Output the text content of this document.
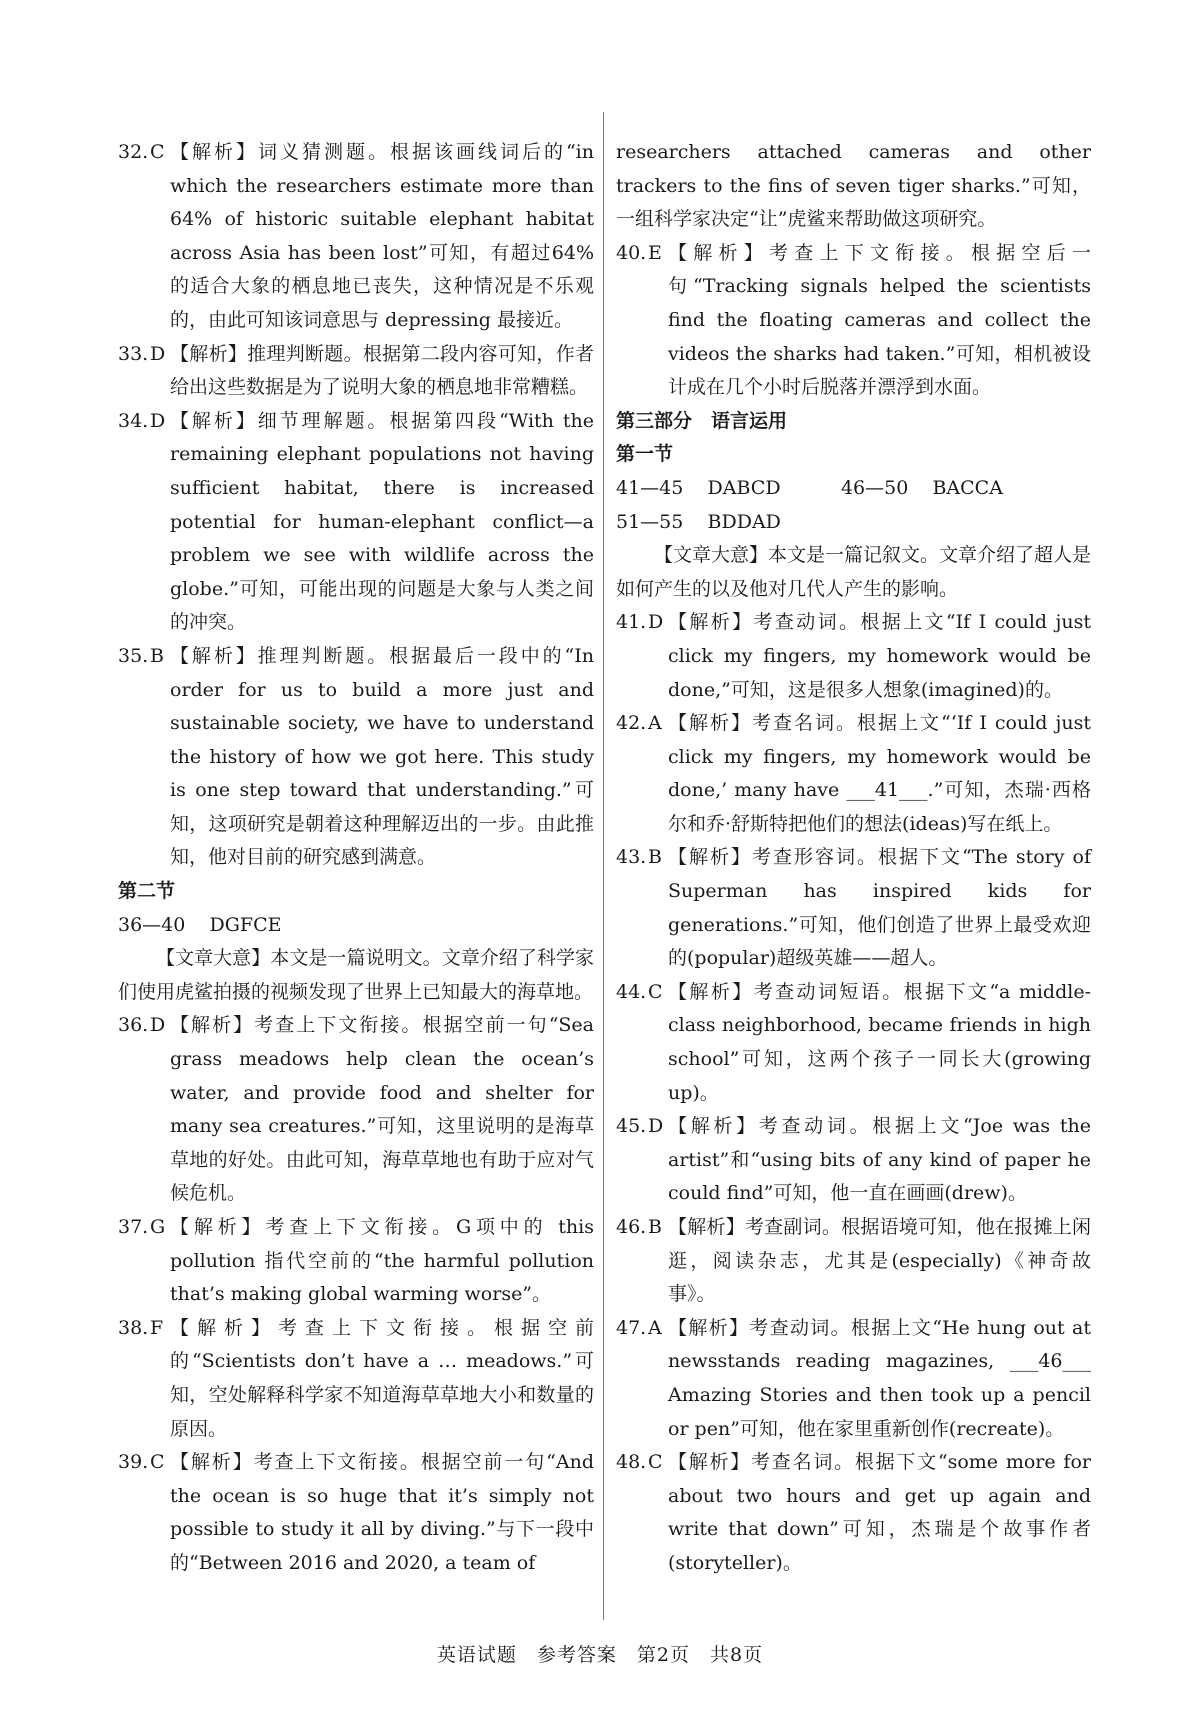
32. C 【解析】词义猜测题。根据该画线词后的“in which the researchers estimate more than 64% of historic suitable elephant habitat across Asia has been lost”可知，有超过64%的适合大象的栖息地已丧失，这种情况是不乐观的，由此可知该词意思与 depressing 最接近。
33. D 【解析】推理判断题。根据第二段内容可知，作者给出这些数据是为了说明大象的栖息地非常糟糕。
34. D 【解析】细节理解题。根据第四段“With the remaining elephant populations not having sufficient habitat, there is increased potential for human-elephant conflict—a problem we see with wildlife across the globe.”可知，可能出现的问题是大象与人类之间的冲突。
35. B 【解析】推理判断题。根据最后一段中的“In order for us to build a more just and sustainable society, we have to understand the history of how we got here. This study is one step toward that understanding.”可知，这项研究是朝着这种理解迈出的一步。由此推知，他对目前的研究感到满意。
第二节
36—40    DGFCE
【文章大意】本文是一篇说明文。文章介绍了科学家们使用虎鲨拍摄的视频发现了世界上已知最大的海草地。
36. D 【解析】考查上下文衔接。根据空前一句“Sea grass meadows help clean the ocean’s water, and provide food and shelter for many sea creatures.”可知，这里说明的是海草草地的好处。由此可知，海草草地也有助于应对气候危机。
37. G 【解析】考查上下文衔接。G项中的 this pollution 指代空前的“the harmful pollution that’s making global warming worse”。
38. F 【解析】考查上下文衔接。根据空前的“Scientists don’t have a … meadows.”可知，空处解释科学家不知道海草草地大小和数量的原因。
39. C 【解析】考查上下文衔接。根据空前一句“And the ocean is so huge that it’s simply not possible to study it all by diving.”与下一段中的“Between 2016 and 2020, a team of
researchers attached cameras and other trackers to the fins of seven tiger sharks.”可知，一组科学家决定“让”虎鲨来帮助做这项研究。
40. E 【解析】考查上下文衔接。根据空后一句“Tracking signals helped the scientists find the floating cameras and collect the videos the sharks had taken.”可知，相机被设计成在几个小时后脱落并漂浮到水面。
第三部分　语言运用
第一节
41—45    DABCD          46—50    BACCA
51—55    BDDAD
【文章大意】本文是一篇记叙文。文章介绍了超人是如何产生的以及他对几代人产生的影响。
41. D 【解析】考查动词。根据上文“If I could just click my fingers, my homework would be done,”可知，这是很多人想象(imagined)的。
42. A 【解析】考查名词。根据上文“‘If I could just click my fingers, my homework would be done,’ many have ___41___.”可知，杰瑞·西格尔和乔·舒斯特把他们的想法(ideas)写在纸上。
43. B 【解析】考查形容词。根据下文“The story of Superman has inspired kids for generations.”可知，他们创造了世界上最受欢迎的(popular)超级英雄——超人。
44. C 【解析】考查动词短语。根据下文“a middle-class neighborhood, became friends in high school”可知，这两个孩子一同长大(growing up)。
45. D 【解析】考查动词。根据上文“Joe was the artist”和“using bits of any kind of paper he could find”可知，他一直在画画(drew)。
46. B 【解析】考查副词。根据语境可知，他在报摊上闲逛，阅读杂志，尤其是(especially)《神奇故事》。
47. A 【解析】考查动词。根据上文“He hung out at newsstands reading magazines, ___46___ Amazing Stories and then took up a pencil or pen”可知，他在家里重新创作(recreate)。
48. C 【解析】考查名词。根据下文“some more for about two hours and get up again and write that down”可知，杰瑞是个故事作者(storyteller)。
英语试题　参考答案　第2页　共8页
